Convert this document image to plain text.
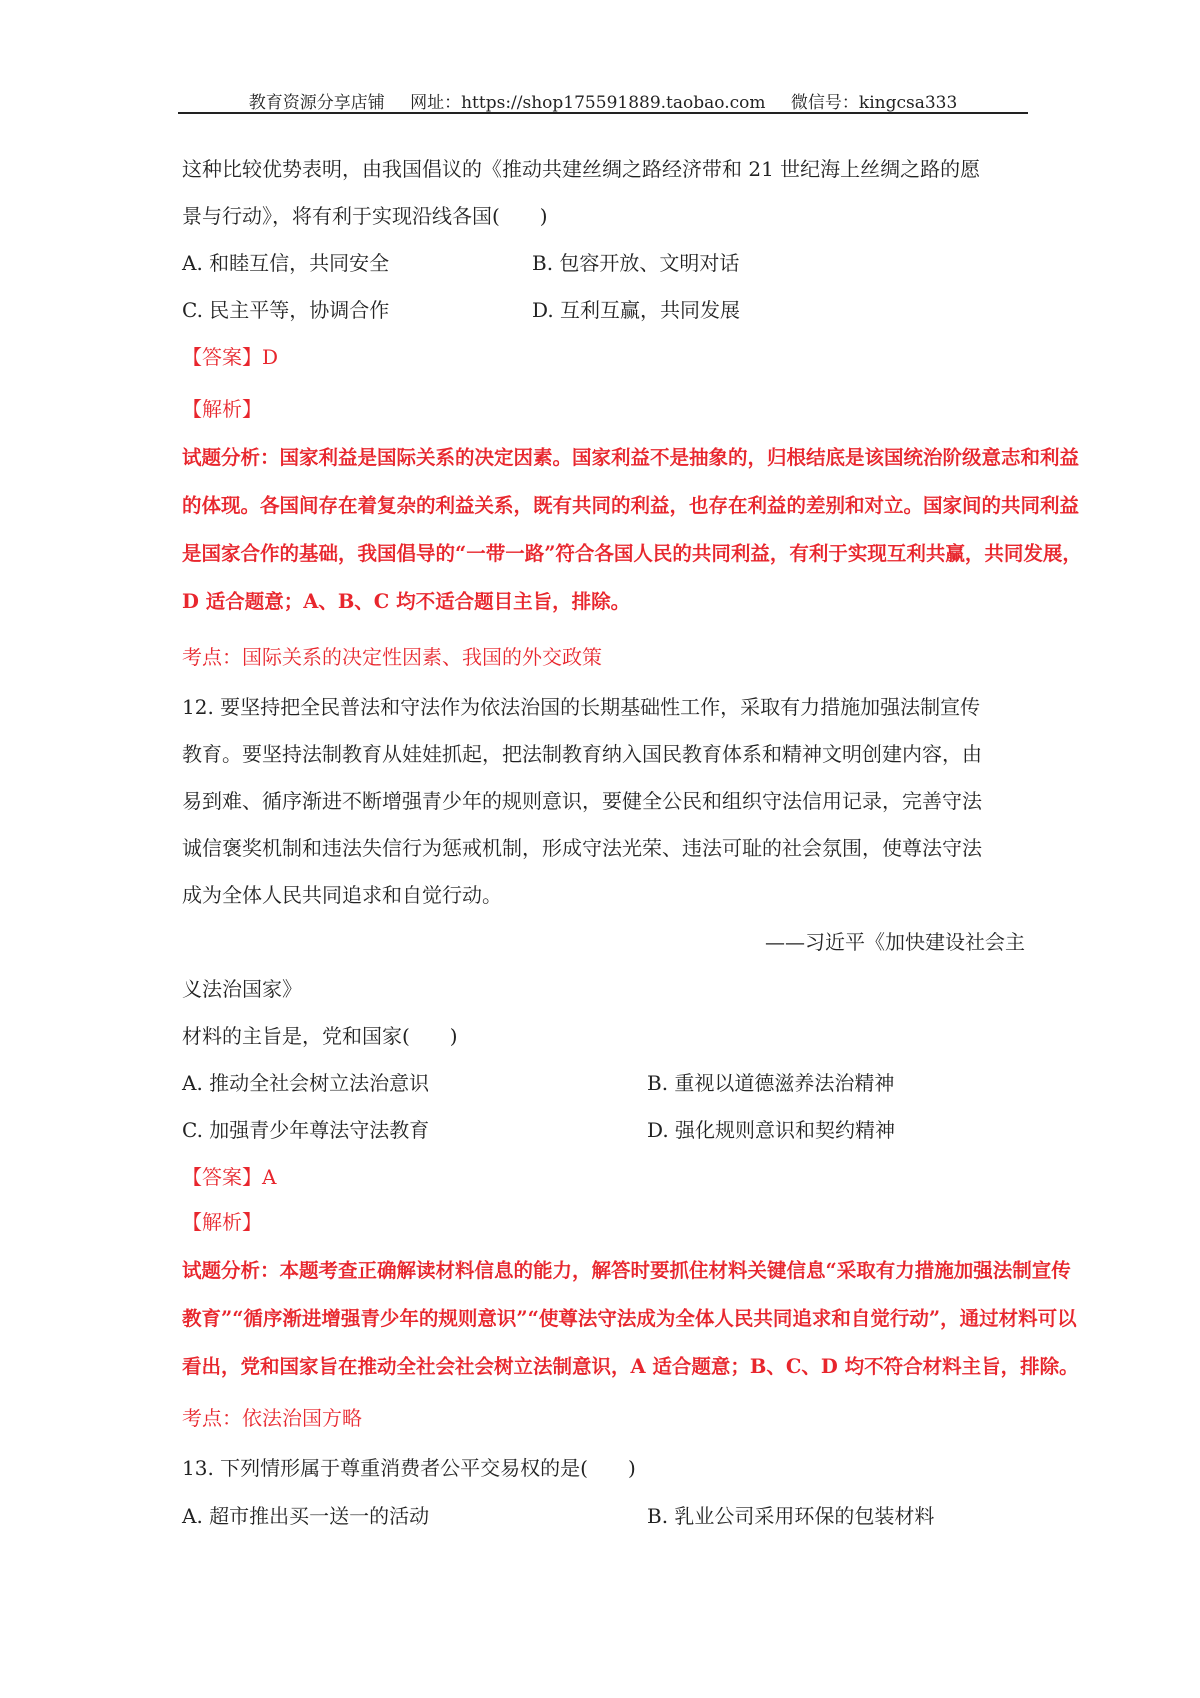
教育资源分享店铺 网址：https://shop175591889.taobao.com 微信号：kingcsa333
这种比较优势表明，由我国倡议的《推动共建丝绸之路经济带和 21 世纪海上丝绸之路的愿
景与行动》，将有利于实现沿线各国(　　)
A. 和睦互信，共同安全	B. 包容开放、文明对话
C. 民主平等，协调合作	D. 互利互赢，共同发展
【答案】D
【解析】
试题分析：国家利益是国际关系的决定因素。国家利益不是抽象的，归根结底是该国统治阶级意志和利益
的体现。各国间存在着复杂的利益关系，既有共同的利益，也存在利益的差别和对立。国家间的共同利益
是国家合作的基础，我国倡导的“一带一路”符合各国人民的共同利益，有利于实现互利共赢，共同发展，
D 适合题意；A、B、C 均不适合题目主旨，排除。
考点：国际关系的决定性因素、我国的外交政策
12. 要坚持把全民普法和守法作为依法治国的长期基础性工作，采取有力措施加强法制宣传
教育。要坚持法制教育从娃娃抓起，把法制教育纳入国民教育体系和精神文明创建内容，由
易到难、循序渐进不断增强青少年的规则意识，要健全公民和组织守法信用记录，完善守法
诚信褒奖机制和违法失信行为惩戒机制，形成守法光荣、违法可耻的社会氛围，使尊法守法
成为全体人民共同追求和自觉行动。
——习近平《加快建设社会主
义法治国家》
材料的主旨是，党和国家(　　)
A. 推动全社会树立法治意识	B. 重视以道德滋养法治精神
C. 加强青少年尊法守法教育	D. 强化规则意识和契约精神
【答案】A
【解析】
试题分析：本题考查正确解读材料信息的能力，解答时要抓住材料关键信息“采取有力措施加强法制宣传
教育”“循序渐进增强青少年的规则意识”“使尊法守法成为全体人民共同追求和自觉行动”，通过材料可以
看出，党和国家旨在推动全社会社会树立法制意识，A 适合题意；B、C、D 均不符合材料主旨，排除。
考点：依法治国方略
13. 下列情形属于尊重消费者公平交易权的是(　　)
A. 超市推出买一送一的活动	B. 乳业公司采用环保的包装材料
